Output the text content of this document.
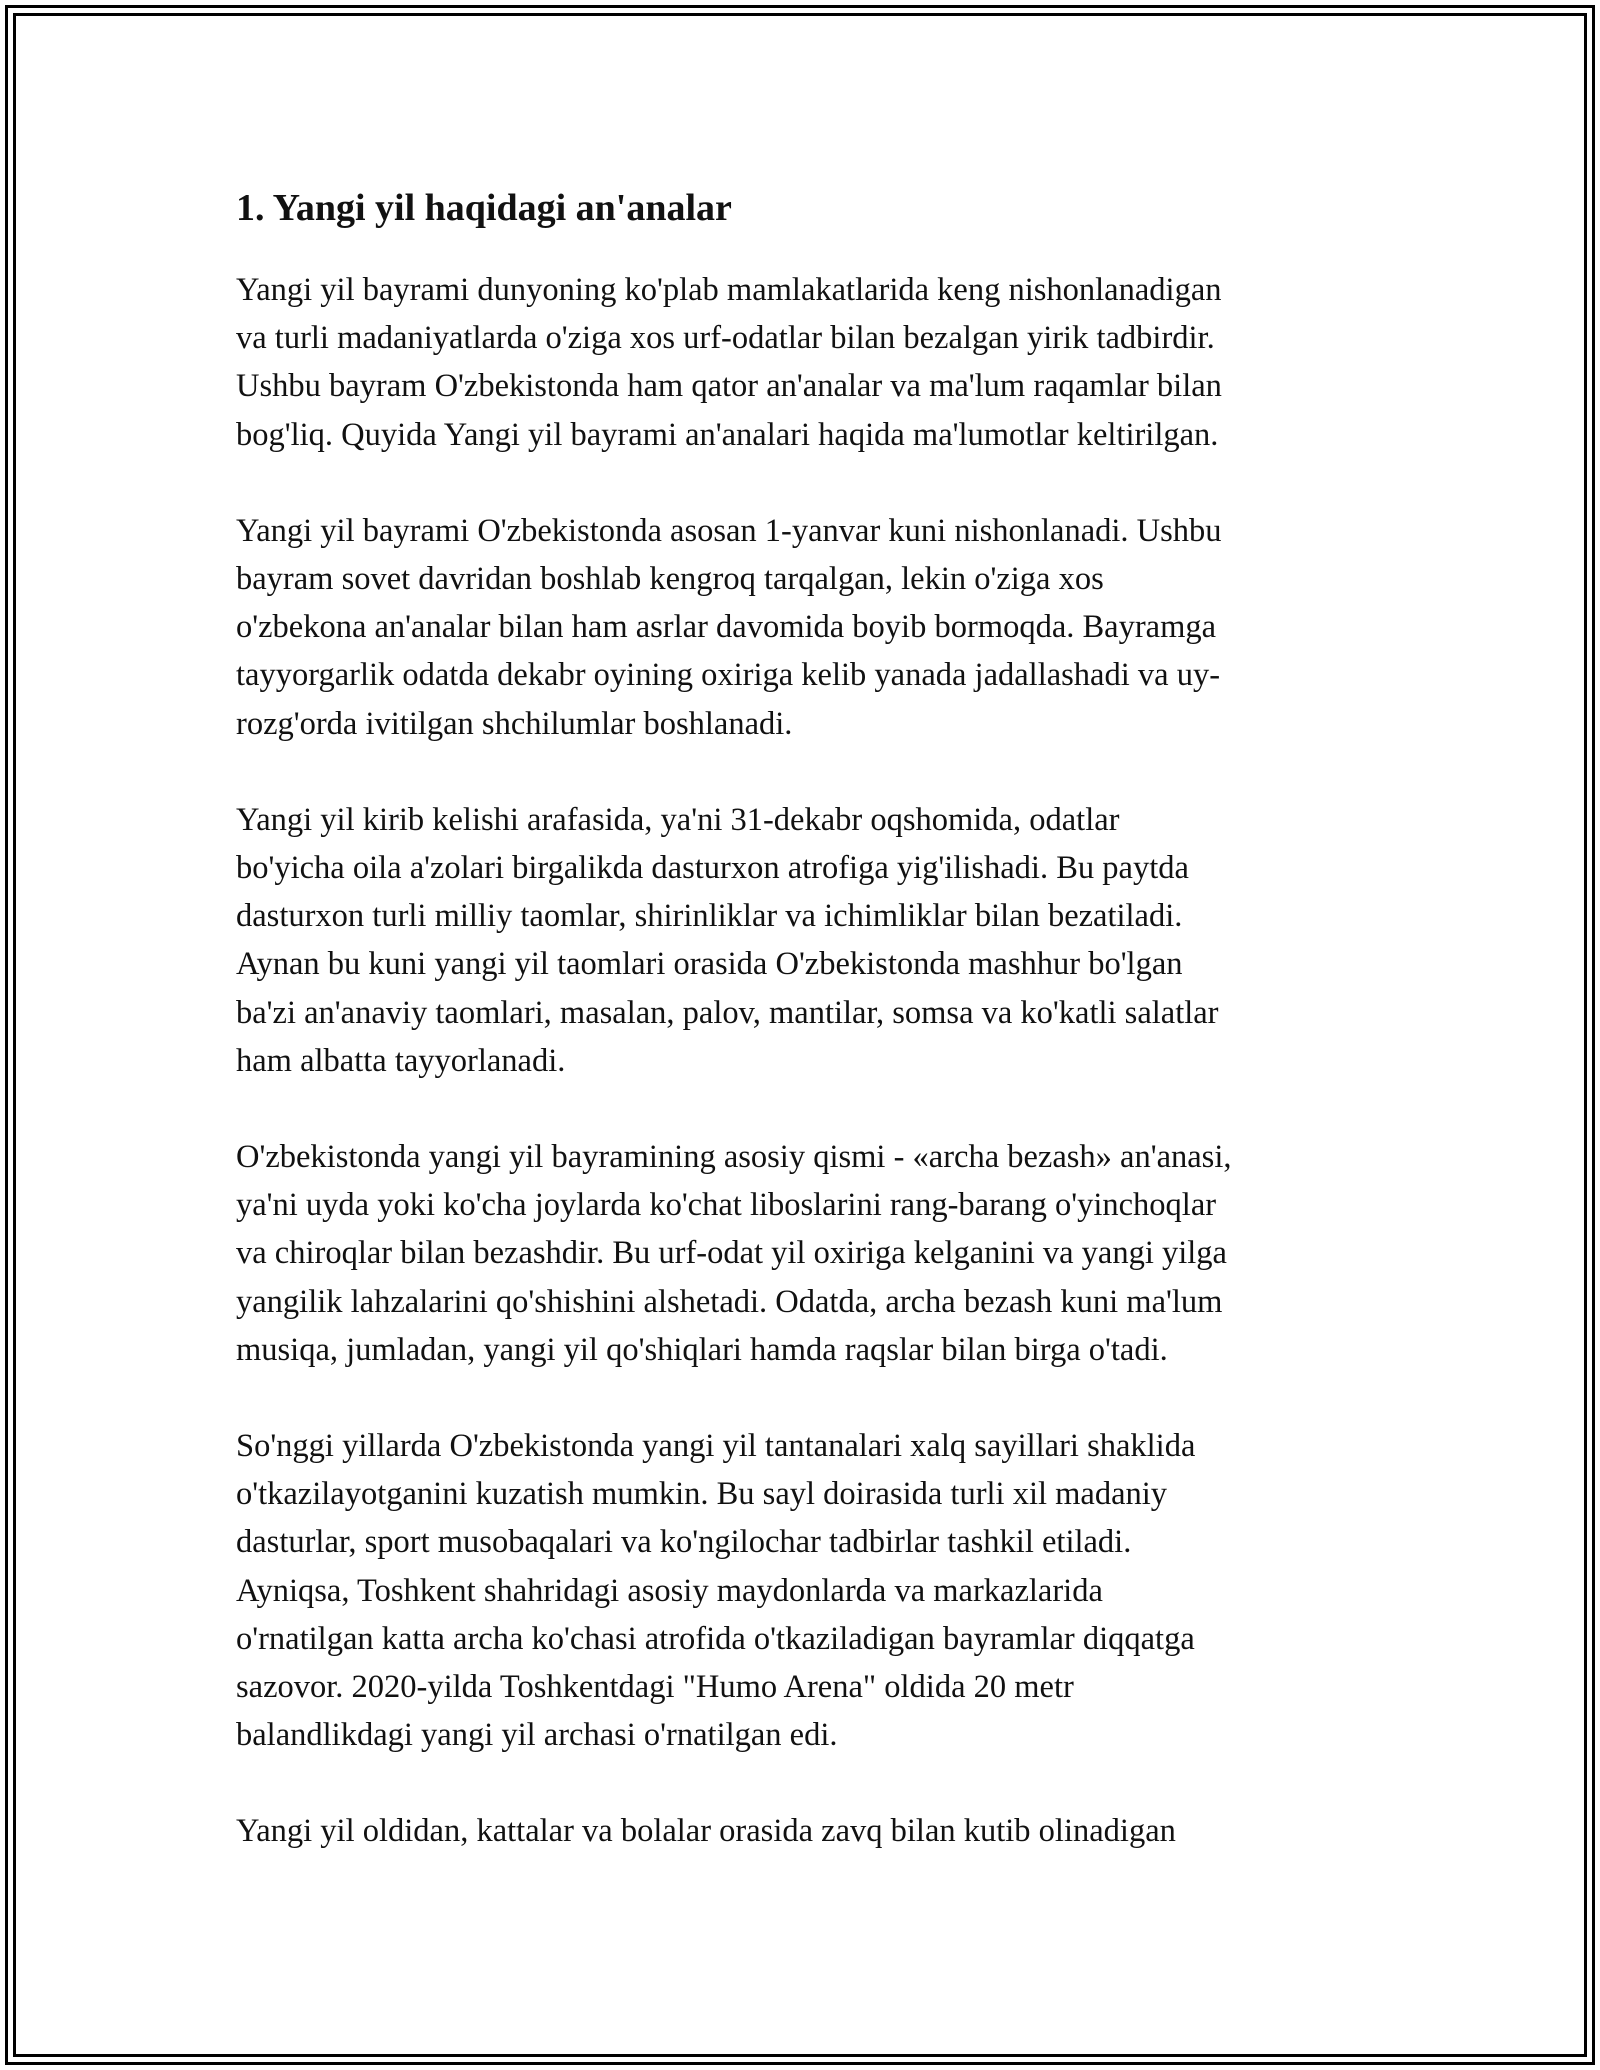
1. Yangi yil haqidagi an'analar

Yangi yil bayrami dunyoning ko'plab mamlakatlarida keng nishonlanadigan
va turli madaniyatlarda o'ziga xos urf-odatlar bilan bezalgan yirik tadbirdir.
Ushbu bayram O'zbekistonda ham qator an'analar va ma'lum raqamlar bilan
bog'liq. Quyida Yangi yil bayrami an'analari haqida ma'lumotlar keltirilgan.

Yangi yil bayrami O'zbekistonda asosan 1-yanvar kuni nishonlanadi. Ushbu
bayram sovet davridan boshlab kengroq tarqalgan, lekin o'ziga xos
o'zbekona an'analar bilan ham asrlar davomida boyib bormoqda. Bayramga
tayyorgarlik odatda dekabr oyining oxiriga kelib yanada jadallashadi va uy-
rozg'orda ivitilgan shchilumlar boshlanadi.

Yangi yil kirib kelishi arafasida, ya'ni 31-dekabr oqshomida, odatlar
bo'yicha oila a'zolari birgalikda dasturxon atrofiga yig'ilishadi. Bu paytda
dasturxon turli milliy taomlar, shirinliklar va ichimliklar bilan bezatiladi.
Aynan bu kuni yangi yil taomlari orasida O'zbekistonda mashhur bo'lgan
ba'zi an'anaviy taomlari, masalan, palov, mantilar, somsa va ko'katli salatlar
ham albatta tayyorlanadi.

O'zbekistonda yangi yil bayramining asosiy qismi - «archa bezash» an'anasi,
ya'ni uyda yoki ko'cha joylarda ko'chat liboslarini rang-barang o'yinchoqlar
va chiroqlar bilan bezashdir. Bu urf-odat yil oxiriga kelganini va yangi yilga
yangilik lahzalarini qo'shishini alshetadi. Odatda, archa bezash kuni ma'lum
musiqa, jumladan, yangi yil qo'shiqlari hamda raqslar bilan birga o'tadi.

So'nggi yillarda O'zbekistonda yangi yil tantanalari xalq sayillari shaklida
o'tkazilayotganini kuzatish mumkin. Bu sayl doirasida turli xil madaniy
dasturlar, sport musobaqalari va ko'ngilochar tadbirlar tashkil etiladi.
Ayniqsa, Toshkent shahridagi asosiy maydonlarda va markazlarida
o'rnatilgan katta archa ko'chasi atrofida o'tkaziladigan bayramlar diqqatga
sazovor. 2020-yilda Toshkentdagi "Humo Arena" oldida 20 metr
balandlikdagi yangi yil archasi o'rnatilgan edi.

Yangi yil oldidan, kattalar va bolalar orasida zavq bilan kutib olinadigan
